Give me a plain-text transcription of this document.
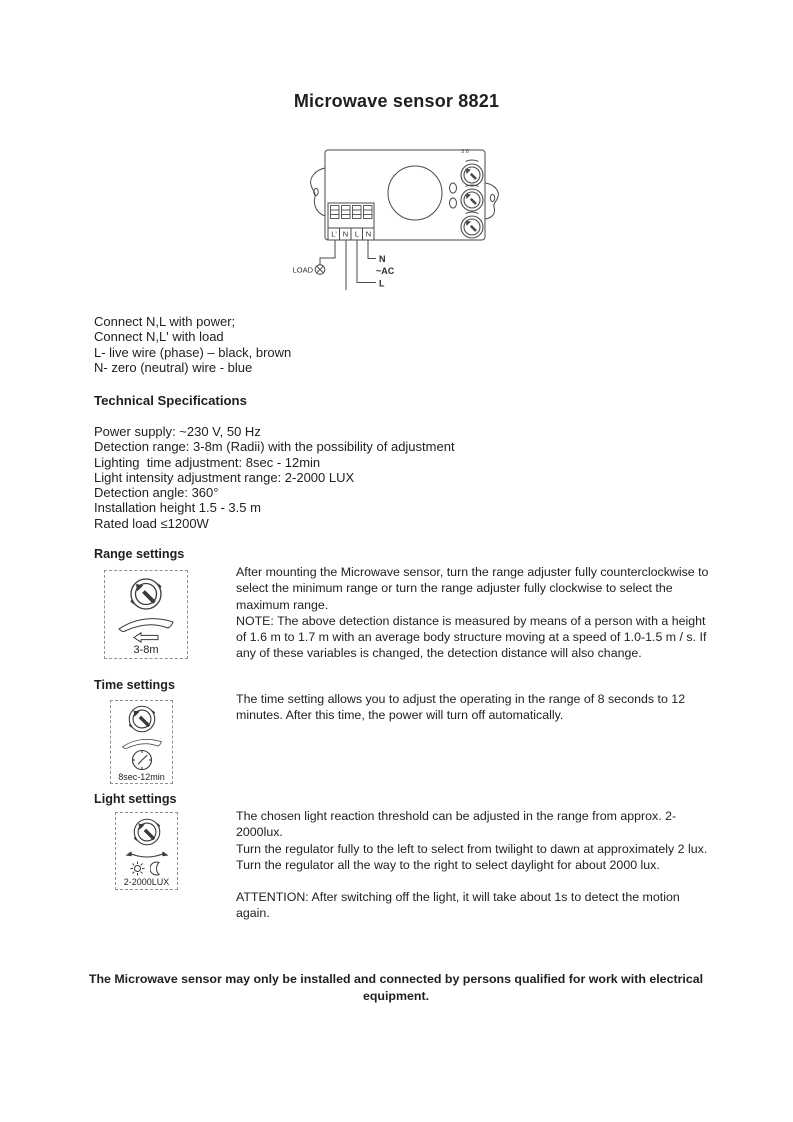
Microwave sensor 8821
3 8
L' N L N
LOAD
N
~AC
L
Connect N,L with power;
Connect N,L' with load
L- live wire (phase) – black, brown
N- zero (neutral) wire - blue
Technical Specifications
Power supply: ~230 V, 50 Hz
Detection range: 3-8m (Radii) with the possibility of adjustment
Lighting  time adjustment: 8sec - 12min
Light intensity adjustment range: 2-2000 LUX
Detection angle: 360°
Installation height 1.5 - 3.5 m
Rated load ≤1200W
Range settings
3-8m
After mounting the Microwave sensor, turn the range adjuster fully counterclockwise to select the minimum range or turn the range adjuster fully clockwise to select the maximum range.
NOTE: The above detection distance is measured by means of a person with a height of 1.6 m to 1.7 m with an average body structure moving at a speed of 1.0-1.5 m / s. If any of these variables is changed, the detection distance will also change.
Time settings
8sec-12min
The time setting allows you to adjust the operating in the range of 8 seconds to 12 minutes. After this time, the power will turn off automatically.
Light settings
2-2000LUX
The chosen light reaction threshold can be adjusted in the range from approx. 2-2000lux.
Turn the regulator fully to the left to select from twilight to dawn at approximately 2 lux. Turn the regulator all the way to the right to select daylight for about 2000 lux.
ATTENTION: After switching off the light, it will take about 1s to detect the motion again.
The Microwave sensor may only be installed and connected by persons qualified for work with electrical equipment.
